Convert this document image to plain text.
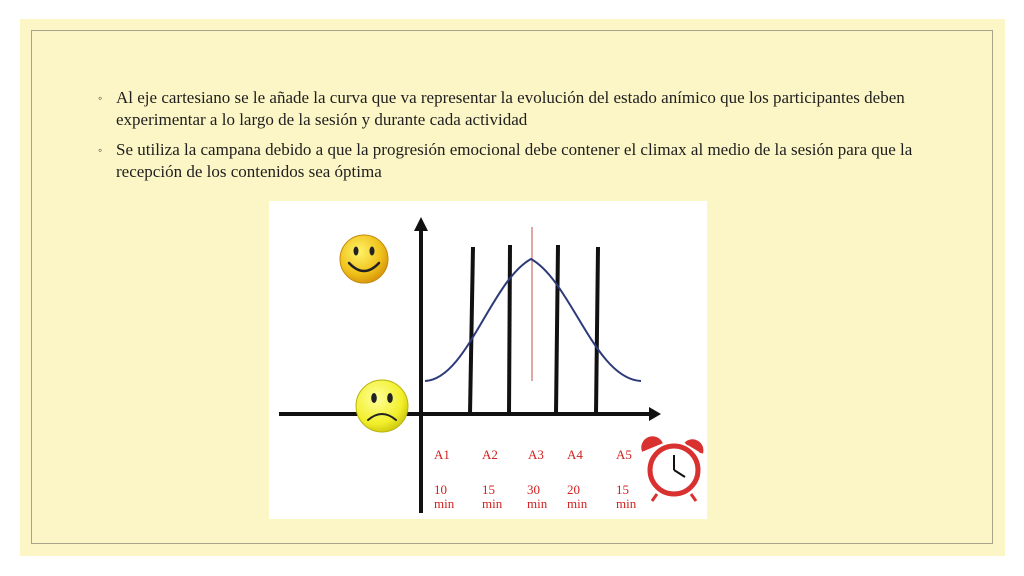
◦ Al eje cartesiano se le añade la curva que va representar la evolución del estado anímico que los participantes deben experimentar a lo largo de la sesión y durante cada actividad
◦ Se utiliza la campana debido a que la progresión emocional debe contener el climax al medio de la sesión para que la recepción de los contenidos sea óptima
A1	A2	A3	A4	A5
10
min
15
min
30
min
20
min
15
min
